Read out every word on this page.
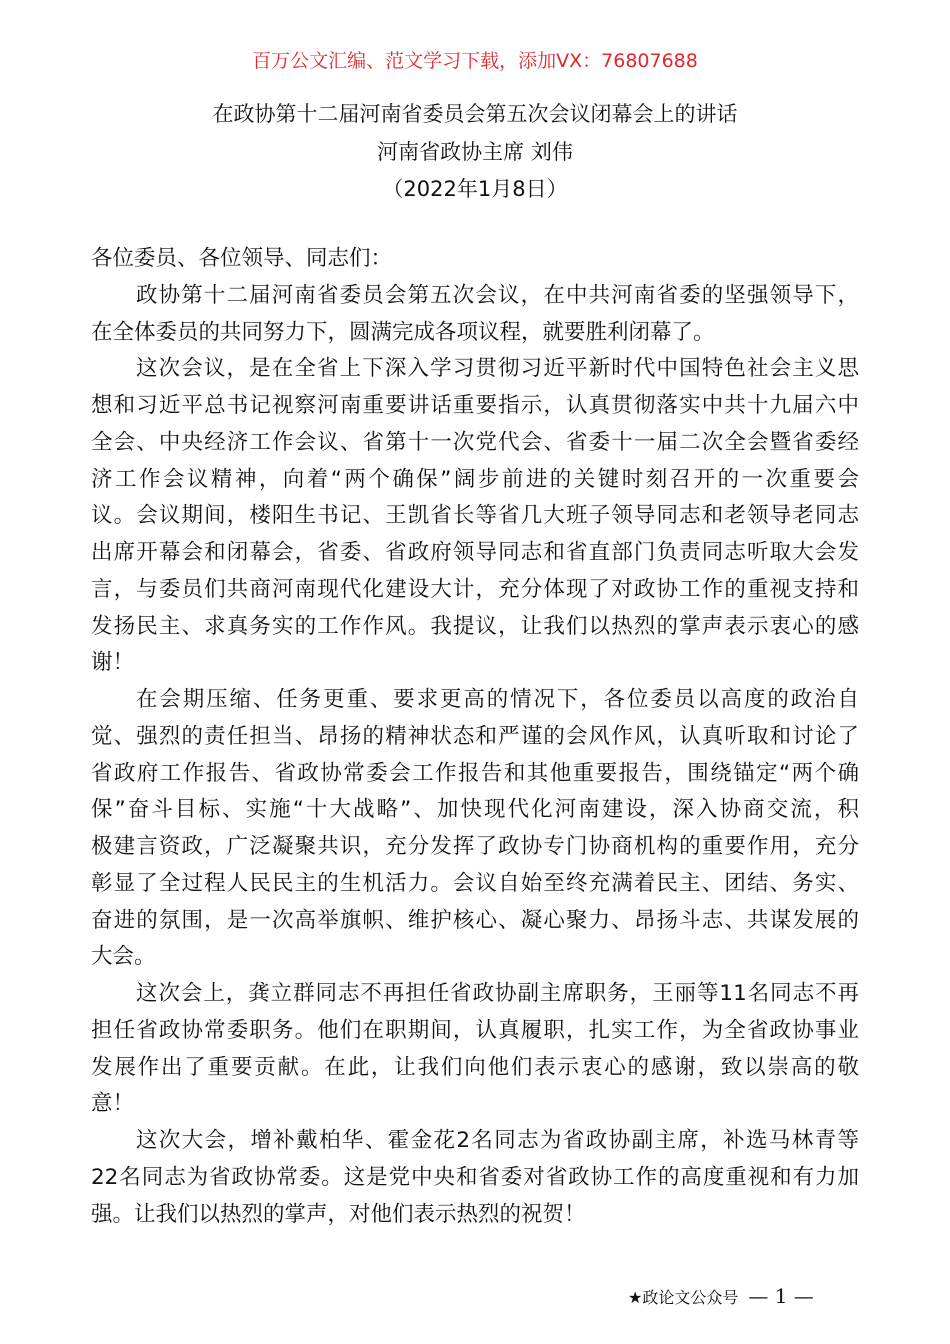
百万公文汇编、范文学习下载，添加VX：76807688
在政协第十二届河南省委员会第五次会议闭幕会上的讲话
河南省政协主席 刘伟
（2022年1月8日）
各位委员、各位领导、同志们：
政协第十二届河南省委员会第五次会议，在中共河南省委的坚强领导下，
在全体委员的共同努力下，圆满完成各项议程，就要胜利闭幕了。
这次会议，是在全省上下深入学习贯彻习近平新时代中国特色社会主义思
想和习近平总书记视察河南重要讲话重要指示，认真贯彻落实中共十九届六中
全会、中央经济工作会议、省第十一次党代会、省委十一届二次全会暨省委经
济工作会议精神，向着“两个确保”阔步前进的关键时刻召开的一次重要会
议。会议期间，楼阳生书记、王凯省长等省几大班子领导同志和老领导老同志
出席开幕会和闭幕会，省委、省政府领导同志和省直部门负责同志听取大会发
言，与委员们共商河南现代化建设大计，充分体现了对政协工作的重视支持和
发扬民主、求真务实的工作作风。我提议，让我们以热烈的掌声表示衷心的感
谢！
在会期压缩、任务更重、要求更高的情况下，各位委员以高度的政治自
觉、强烈的责任担当、昂扬的精神状态和严谨的会风作风，认真听取和讨论了
省政府工作报告、省政协常委会工作报告和其他重要报告，围绕锚定“两个确
保”奋斗目标、实施“十大战略”、加快现代化河南建设，深入协商交流，积
极建言资政，广泛凝聚共识，充分发挥了政协专门协商机构的重要作用，充分
彰显了全过程人民民主的生机活力。会议自始至终充满着民主、团结、务实、
奋进的氛围，是一次高举旗帜、维护核心、凝心聚力、昂扬斗志、共谋发展的
大会。
这次会上，龚立群同志不再担任省政协副主席职务，王丽等11名同志不再
担任省政协常委职务。他们在职期间，认真履职，扎实工作，为全省政协事业
发展作出了重要贡献。在此，让我们向他们表示衷心的感谢，致以崇高的敬
意！
这次大会，增补戴柏华、霍金花2名同志为省政协副主席，补选马林青等
22名同志为省政协常委。这是党中央和省委对省政协工作的高度重视和有力加
强。让我们以热烈的掌声，对他们表示热烈的祝贺！
★政论文公众号 — 1 —
